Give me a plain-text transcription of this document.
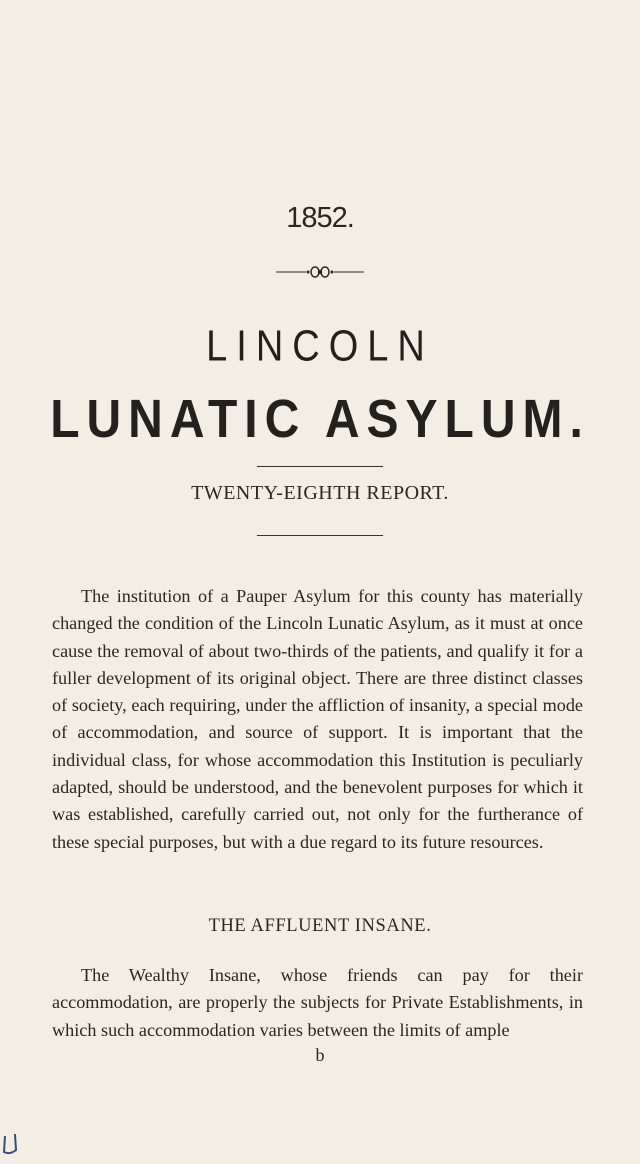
1852.
LINCOLN
LUNATIC ASYLUM.
TWENTY-EIGHTH REPORT.
The institution of a Pauper Asylum for this county has materially changed the condition of the Lincoln Lunatic Asylum, as it must at once cause the removal of about two-thirds of the patients, and qualify it for a fuller development of its original object. There are three distinct classes of society, each requiring, under the affliction of insanity, a special mode of accommodation, and source of support. It is important that the individual class, for whose accommodation this Institution is peculiarly adapted, should be understood, and the benevolent purposes for which it was established, carefully carried out, not only for the furtherance of these special purposes, but with a due regard to its future resources.
THE AFFLUENT INSANE.
The Wealthy Insane, whose friends can pay for their accommodation, are properly the subjects for Private Establishments, in which such accommodation varies between the limits of ample
b
